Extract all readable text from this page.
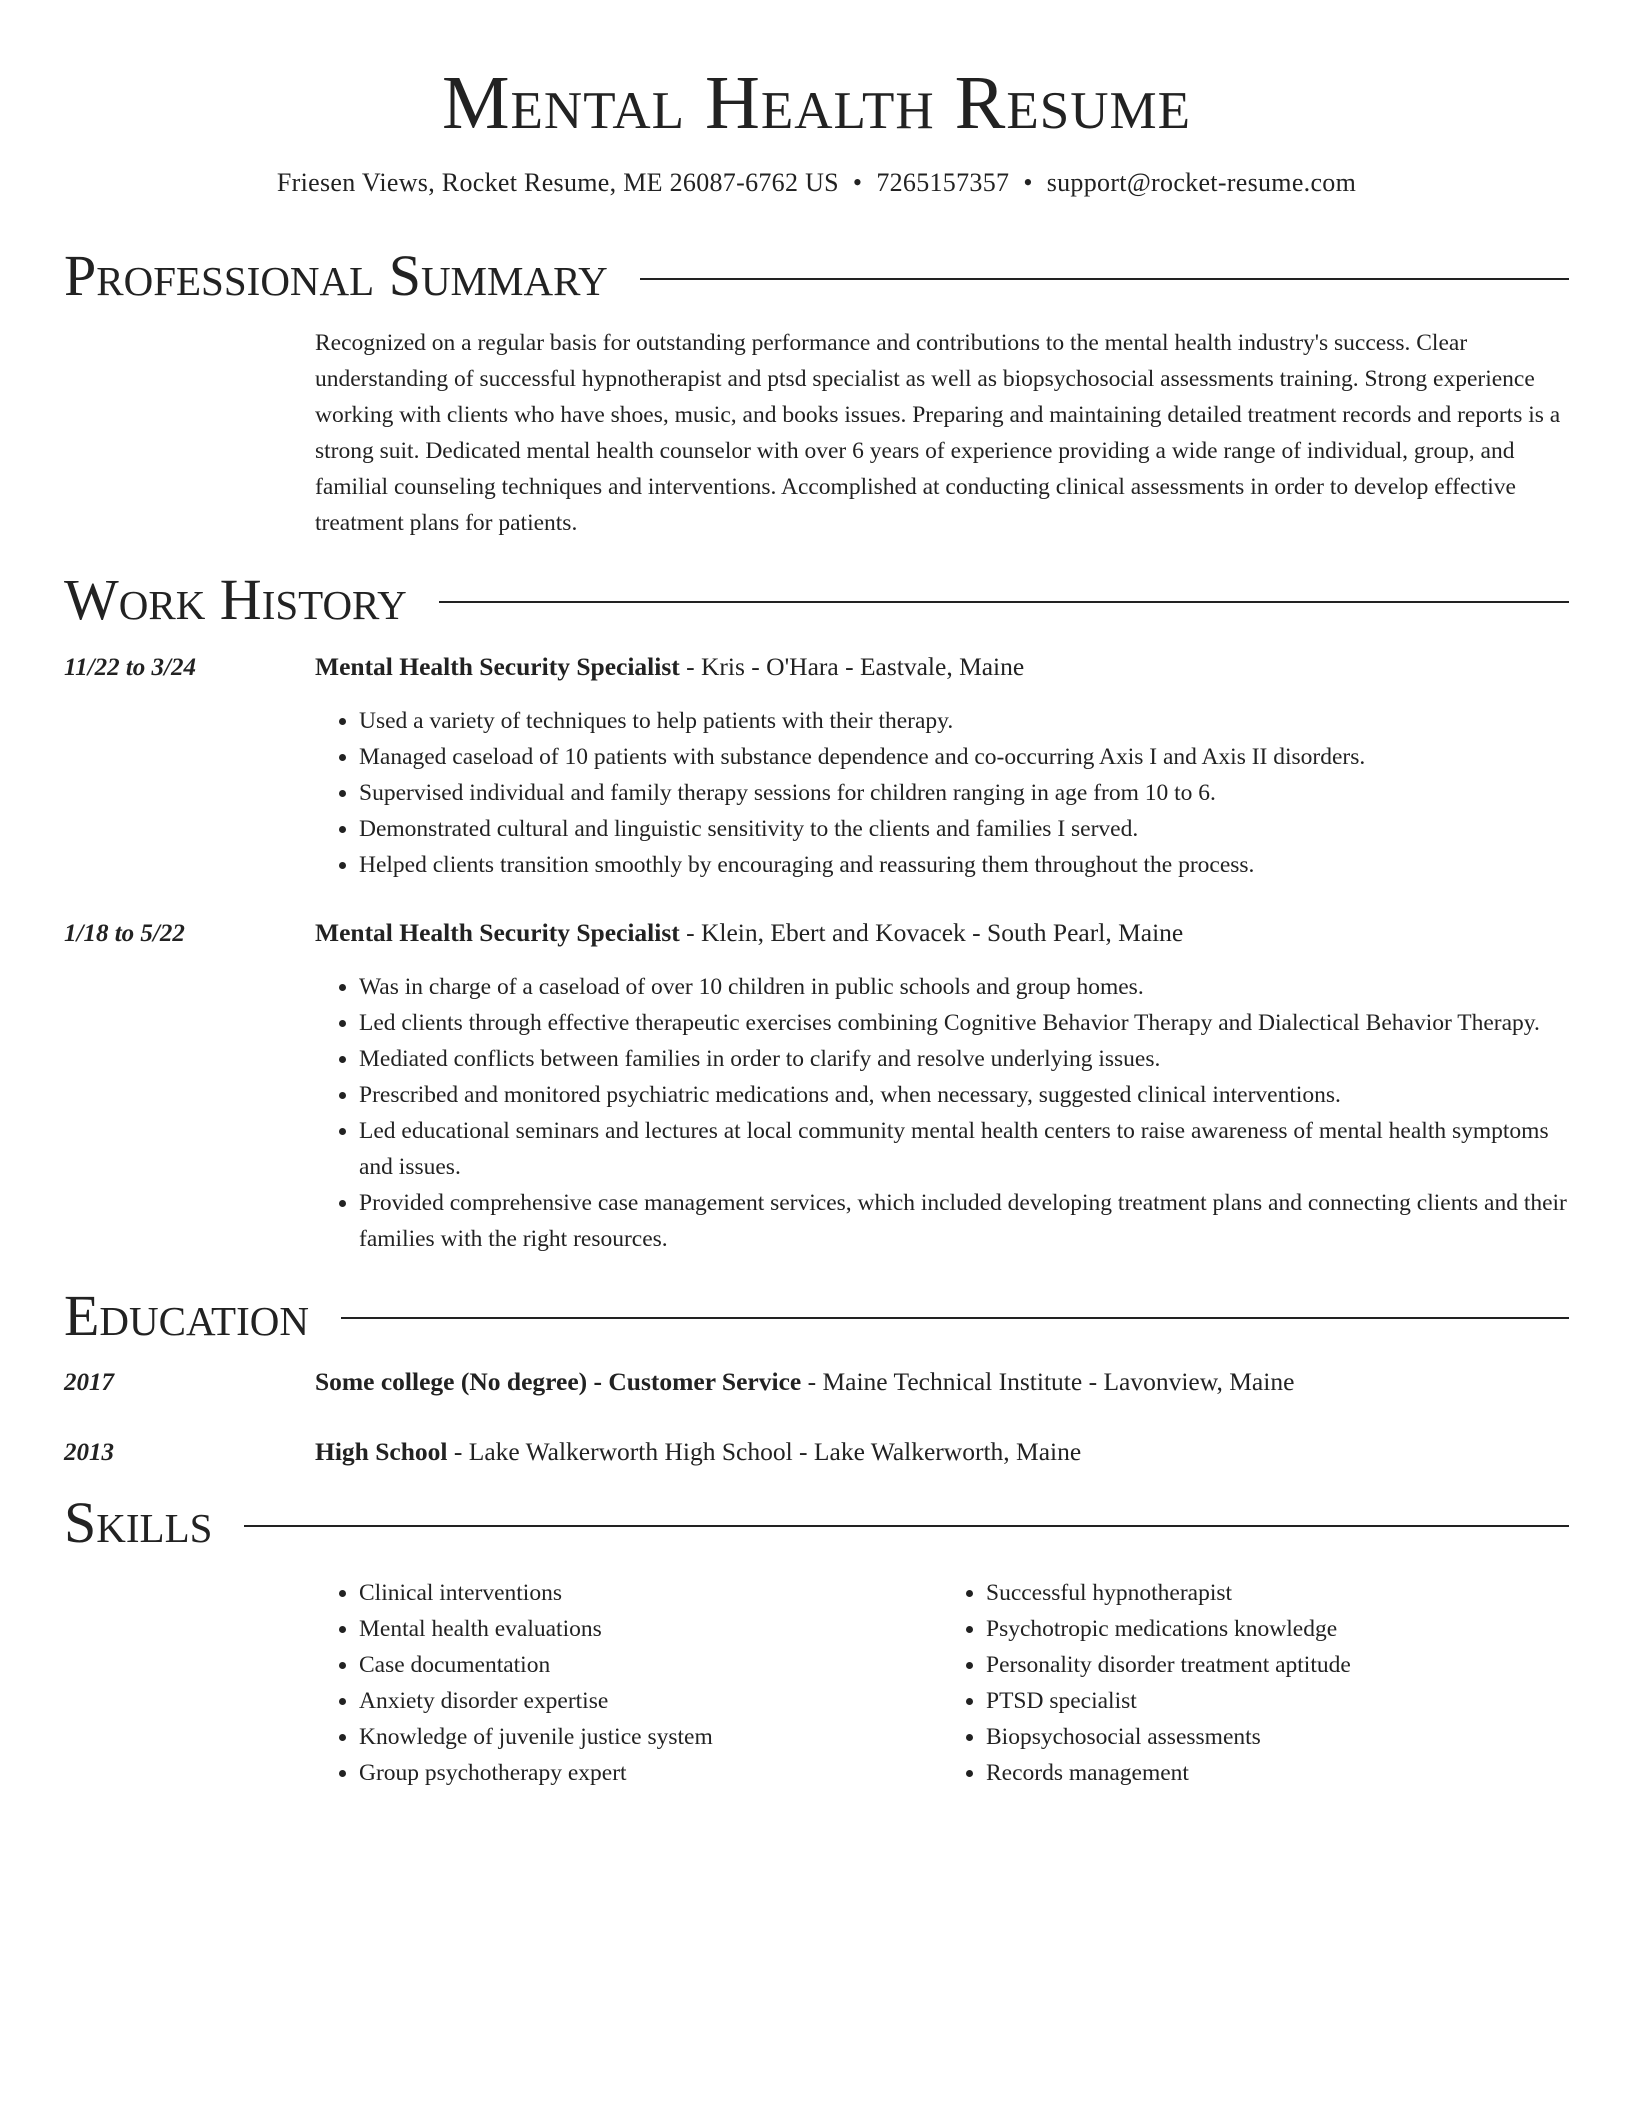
Mental Health Resume
Friesen Views, Rocket Resume, ME 26087-6762 US • 7265157357 • support@rocket-resume.com
Professional Summary

Recognized on a regular basis for outstanding performance and contributions to the mental health industry's success. Clear understanding of successful hypnotherapist and ptsd specialist as well as biopsychosocial assessments training. Strong experience working with clients who have shoes, music, and books issues. Preparing and maintaining detailed treatment records and reports is a strong suit. Dedicated mental health counselor with over 6 years of experience providing a wide range of individual, group, and familial counseling techniques and interventions. Accomplished at conducting clinical assessments in order to develop effective treatment plans for patients.

Work History
11/22 to 3/24	Mental Health Security Specialist - Kris - O'Hara - Eastvale, Maine
• Used a variety of techniques to help patients with their therapy.
• Managed caseload of 10 patients with substance dependence and co-occurring Axis I and Axis II disorders.
• Supervised individual and family therapy sessions for children ranging in age from 10 to 6.
• Demonstrated cultural and linguistic sensitivity to the clients and families I served.
• Helped clients transition smoothly by encouraging and reassuring them throughout the process.
1/18 to 5/22	Mental Health Security Specialist - Klein, Ebert and Kovacek - South Pearl, Maine
• Was in charge of a caseload of over 10 children in public schools and group homes.
• Led clients through effective therapeutic exercises combining Cognitive Behavior Therapy and Dialectical Behavior Therapy.
• Mediated conflicts between families in order to clarify and resolve underlying issues.
• Prescribed and monitored psychiatric medications and, when necessary, suggested clinical interventions.
• Led educational seminars and lectures at local community mental health centers to raise awareness of mental health symptoms and issues.
• Provided comprehensive case management services, which included developing treatment plans and connecting clients and their families with the right resources.
Education
2017	Some college (No degree) - Customer Service - Maine Technical Institute - Lavonview, Maine
2013	High School - Lake Walkerworth High School - Lake Walkerworth, Maine
Skills
• Clinical interventions
• Mental health evaluations
• Case documentation
• Anxiety disorder expertise
• Knowledge of juvenile justice system
• Group psychotherapy expert
• Successful hypnotherapist
• Psychotropic medications knowledge
• Personality disorder treatment aptitude
• PTSD specialist
• Biopsychosocial assessments
• Records management
